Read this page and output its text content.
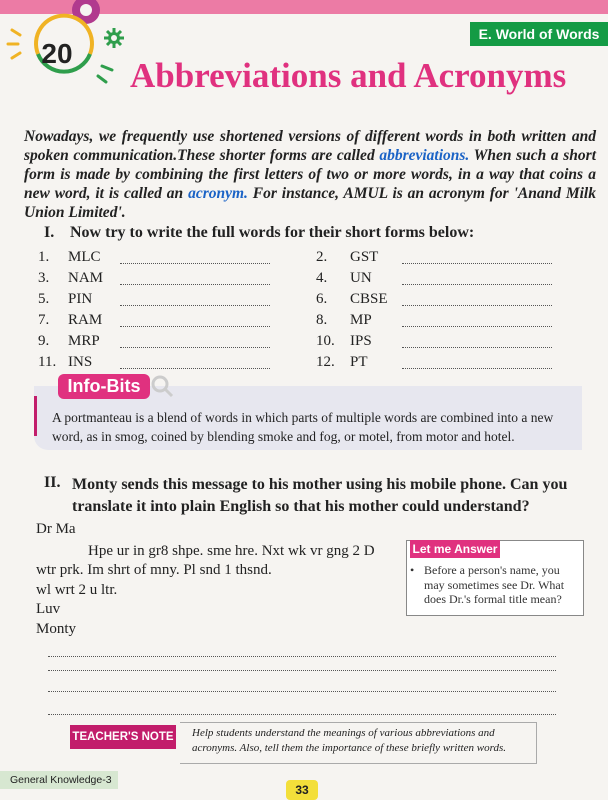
E. World of Words
20
Abbreviations and Acronyms
Nowadays, we frequently use shortened versions of different words in both written and spoken communication.These shorter forms are called abbreviations. When such a short form is made by combining the first letters of two or more words, in a way that coins a new word, it is called an acronym. For instance, AMUL is an acronym for 'Anand Milk Union Limited'.
I. Now try to write the full words for their short forms below:
1. MLC
3. NAM
5. PIN
7. RAM
9. MRP
11. INS
2. GST
4. UN
6. CBSE
8. MP
10. IPS
12. PT
Info-Bits
A portmanteau is a blend of words in which parts of multiple words are combined into a new word, as in smog, coined by blending smoke and fog, or motel, from motor and hotel.
II. Monty sends this message to his mother using his mobile phone. Can you translate it into plain English so that his mother could understand?
Dr Ma
Hpe ur in gr8 shpe. sme hre. Nxt wk vr gng 2 D
wtr prk. Im shrt of mny. Pl snd 1 thsnd.
wl wrt 2 u ltr.
Luv
Monty
Let me Answer
• Before a person's name, you may sometimes see Dr. What does Dr.'s formal title mean?
TEACHER'S NOTE Help students understand the meanings of various abbreviations and acronyms. Also, tell them the importance of these briefly written words.
General Knowledge-3
33
